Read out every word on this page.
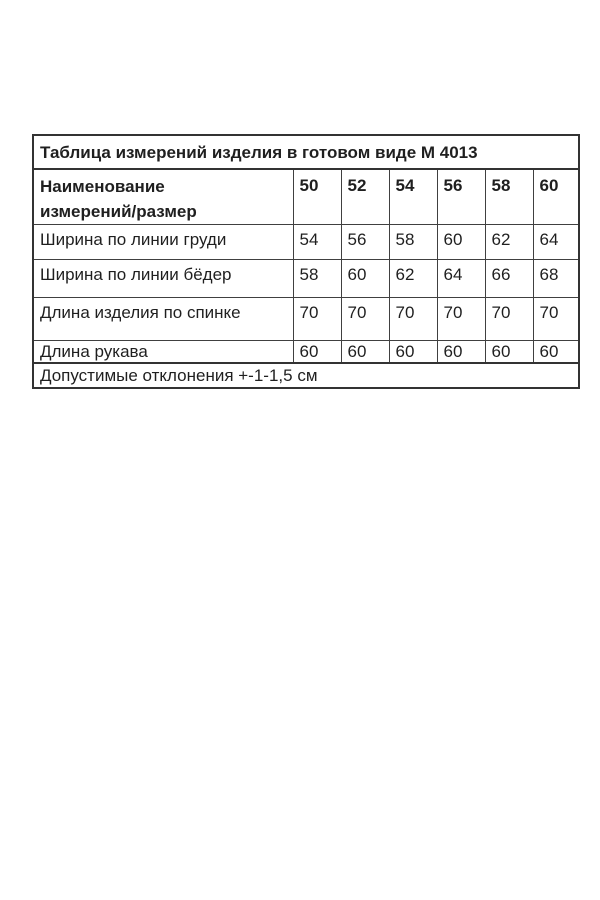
Таблица измерений изделия в готовом виде М 4013						

Наименование
измерений/размер	50	52	54	56	58	60
Ширина по линии груди	54	56	58	60	62	64
Ширина по линии бёдер	58	60	62	64	66	68
Длина изделия по спинке	70	70	70	70	70	70
Длина рукава	60	60	60	60	60	60
Допустимые отклонения +-1-1,5 см						
